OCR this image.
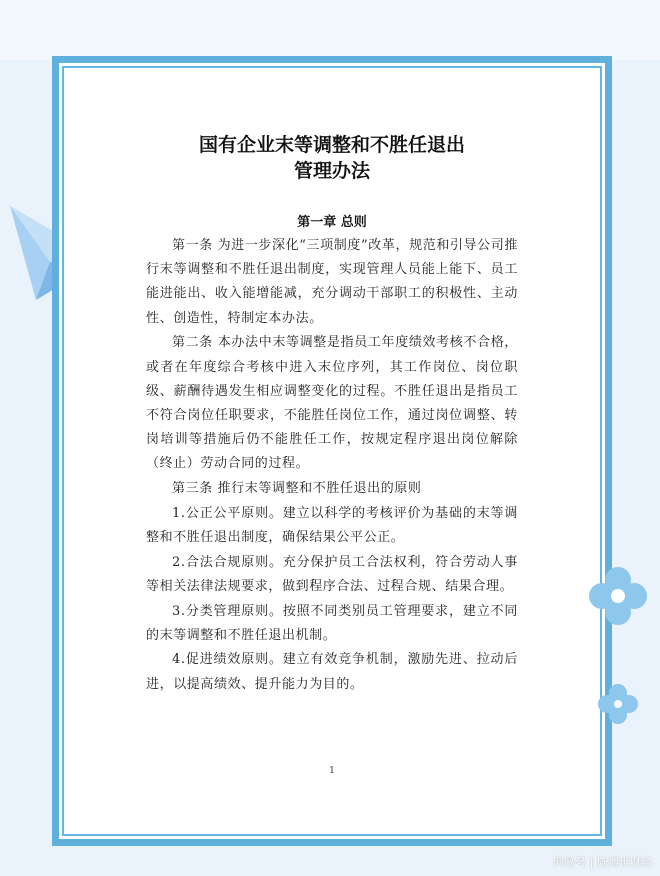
国有企业末等调整和不胜任退出
管理办法
第一章 总则

第一条 为进一步深化“三项制度”改革，规范和引导公司推行末等调整和不胜任退出制度，实现管理人员能上能下、员工能进能出、收入能增能减，充分调动干部职工的积极性、主动性、创造性，特制定本办法。

第二条 本办法中末等调整是指员工年度绩效考核不合格，或者在年度综合考核中进入末位序列，其工作岗位、岗位职级、薪酬待遇发生相应调整变化的过程。不胜任退出是指员工不符合岗位任职要求，不能胜任岗位工作，通过岗位调整、转岗培训等措施后仍不能胜任工作，按规定程序退出岗位解除（终止）劳动合同的过程。

第三条 推行末等调整和不胜任退出的原则

1.公正公平原则。建立以科学的考核评价为基础的末等调整和不胜任退出制度，确保结果公平公正。

2.合法合规原则。充分保护员工合法权利，符合劳动人事等相关法律法规要求，做到程序合法、过程合规、结果合理。

3.分类管理原则。按照不同类别员工管理要求，建立不同的末等调整和不胜任退出机制。

4.促进绩效原则。建立有效竞争机制，激励先进、拉动后进，以提高绩效、提升能力为目的。

1
网易号 | 陈博世财经
